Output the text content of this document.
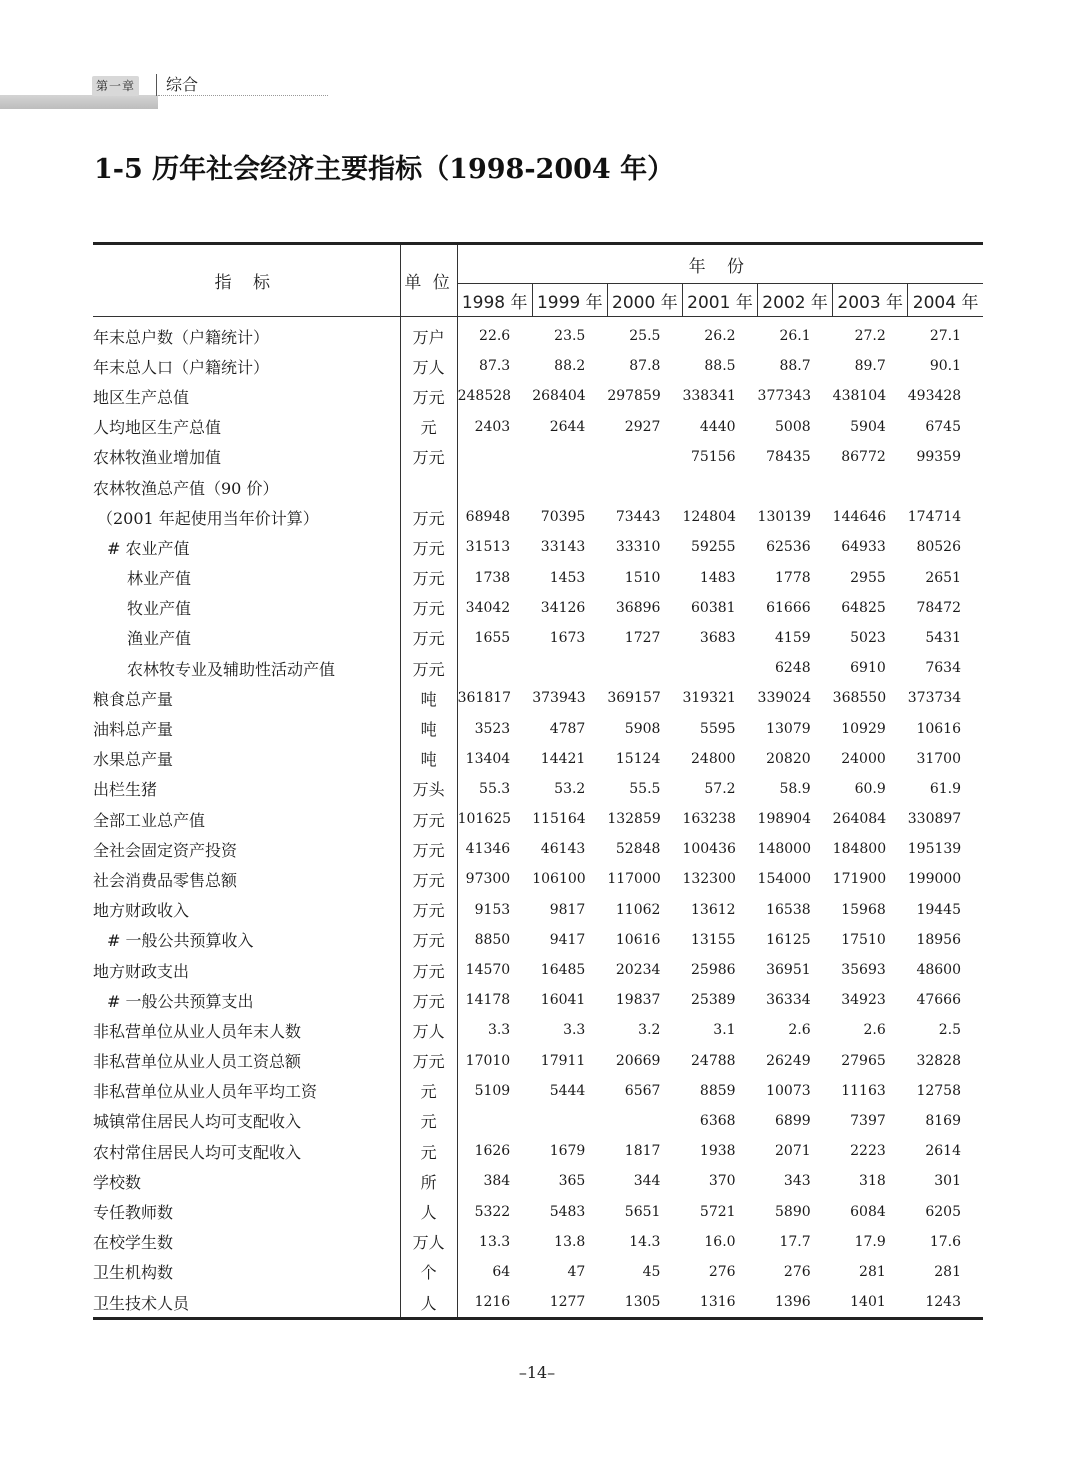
第一章 综合
1-5 历年社会经济主要指标（1998-2004 年）
指 标	单 位	年 份						
		1998 年	1999 年	2000 年	2001 年	2002 年	2003 年	2004 年
年末总户数（户籍统计）	万户	22.6	23.5	25.5	26.2	26.1	27.2	27.1
年末总人口（户籍统计）	万人	87.3	88.2	87.8	88.5	88.7	89.7	90.1
地区生产总值	万元	248528	268404	297859	338341	377343	438104	493428
人均地区生产总值	元	2403	2644	2927	4440	5008	5904	6745
农林牧渔业增加值	万元				75156	78435	86772	99359
农林牧渔总产值（90 价）								
（2001 年起使用当年价计算）	万元	68948	70395	73443	124804	130139	144646	174714
# 农业产值	万元	31513	33143	33310	59255	62536	64933	80526
林业产值	万元	1738	1453	1510	1483	1778	2955	2651
牧业产值	万元	34042	34126	36896	60381	61666	64825	78472
渔业产值	万元	1655	1673	1727	3683	4159	5023	5431
农林牧专业及辅助性活动产值	万元					6248	6910	7634
粮食总产量	吨	361817	373943	369157	319321	339024	368550	373734
油料总产量	吨	3523	4787	5908	5595	13079	10929	10616
水果总产量	吨	13404	14421	15124	24800	20820	24000	31700
出栏生猪	万头	55.3	53.2	55.5	57.2	58.9	60.9	61.9
全部工业总产值	万元	101625	115164	132859	163238	198904	264084	330897
全社会固定资产投资	万元	41346	46143	52848	100436	148000	184800	195139
社会消费品零售总额	万元	97300	106100	117000	132300	154000	171900	199000
地方财政收入	万元	9153	9817	11062	13612	16538	15968	19445
# 一般公共预算收入	万元	8850	9417	10616	13155	16125	17510	18956
地方财政支出	万元	14570	16485	20234	25986	36951	35693	48600
# 一般公共预算支出	万元	14178	16041	19837	25389	36334	34923	47666
非私营单位从业人员年末人数	万人	3.3	3.3	3.2	3.1	2.6	2.6	2.5
非私营单位从业人员工资总额	万元	17010	17911	20669	24788	26249	27965	32828
非私营单位从业人员年平均工资	元	5109	5444	6567	8859	10073	11163	12758
城镇常住居民人均可支配收入	元				6368	6899	7397	8169
农村常住居民人均可支配收入	元	1626	1679	1817	1938	2071	2223	2614
学校数	所	384	365	344	370	343	318	301
专任教师数	人	5322	5483	5651	5721	5890	6084	6205
在校学生数	万人	13.3	13.8	14.3	16.0	17.7	17.9	17.6
卫生机构数	个	64	47	45	276	276	281	281
卫生技术人员	人	1216	1277	1305	1316	1396	1401	1243
–14–
